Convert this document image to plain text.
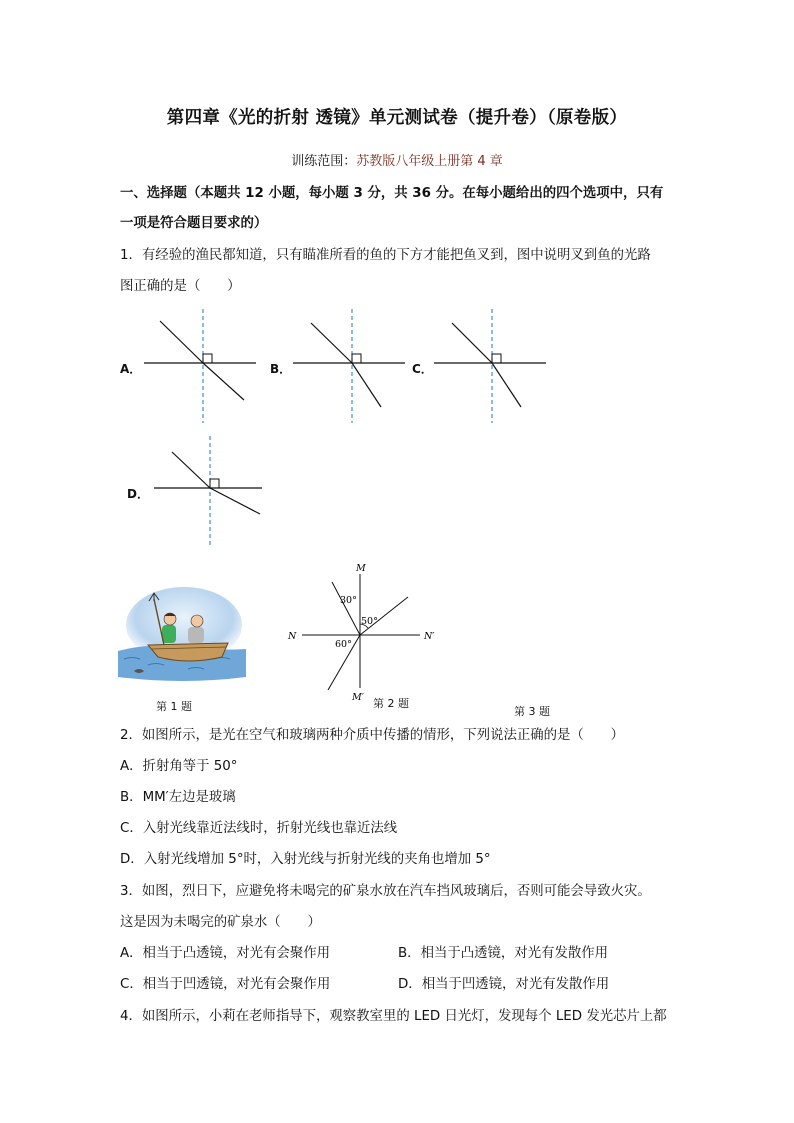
第四章《光的折射 透镜》单元测试卷（提升卷）（原卷版）
训练范围：苏教版八年级上册第 4 章
一、选择题（本题共 12 小题，每小题 3 分，共 36 分。在每小题给出的四个选项中，只有
一项是符合题目要求的）
1．有经验的渔民都知道，只有瞄准所看的鱼的下方才能把鱼叉到，图中说明叉到鱼的光路
图正确的是（　　）
A．	B．	C．
D．
第 1 题
M
M′
N	N′
30°
50°
60°
第 2 题
第 3 题
2．如图所示，是光在空气和玻璃两种介质中传播的情形，下列说法正确的是（　　）
A．折射角等于 50°
B．MM′左边是玻璃
C．入射光线靠近法线时，折射光线也靠近法线
D．入射光线增加 5°时，入射光线与折射光线的夹角也增加 5°
3．如图，烈日下，应避免将未喝完的矿泉水放在汽车挡风玻璃后，否则可能会导致火灾。
这是因为未喝完的矿泉水（　　）
A．相当于凸透镜，对光有会聚作用	B．相当于凸透镜，对光有发散作用
C．相当于凹透镜，对光有会聚作用	D．相当于凹透镜，对光有发散作用
4．如图所示，小莉在老师指导下，观察教室里的 LED 日光灯，发现每个 LED 发光芯片上都
